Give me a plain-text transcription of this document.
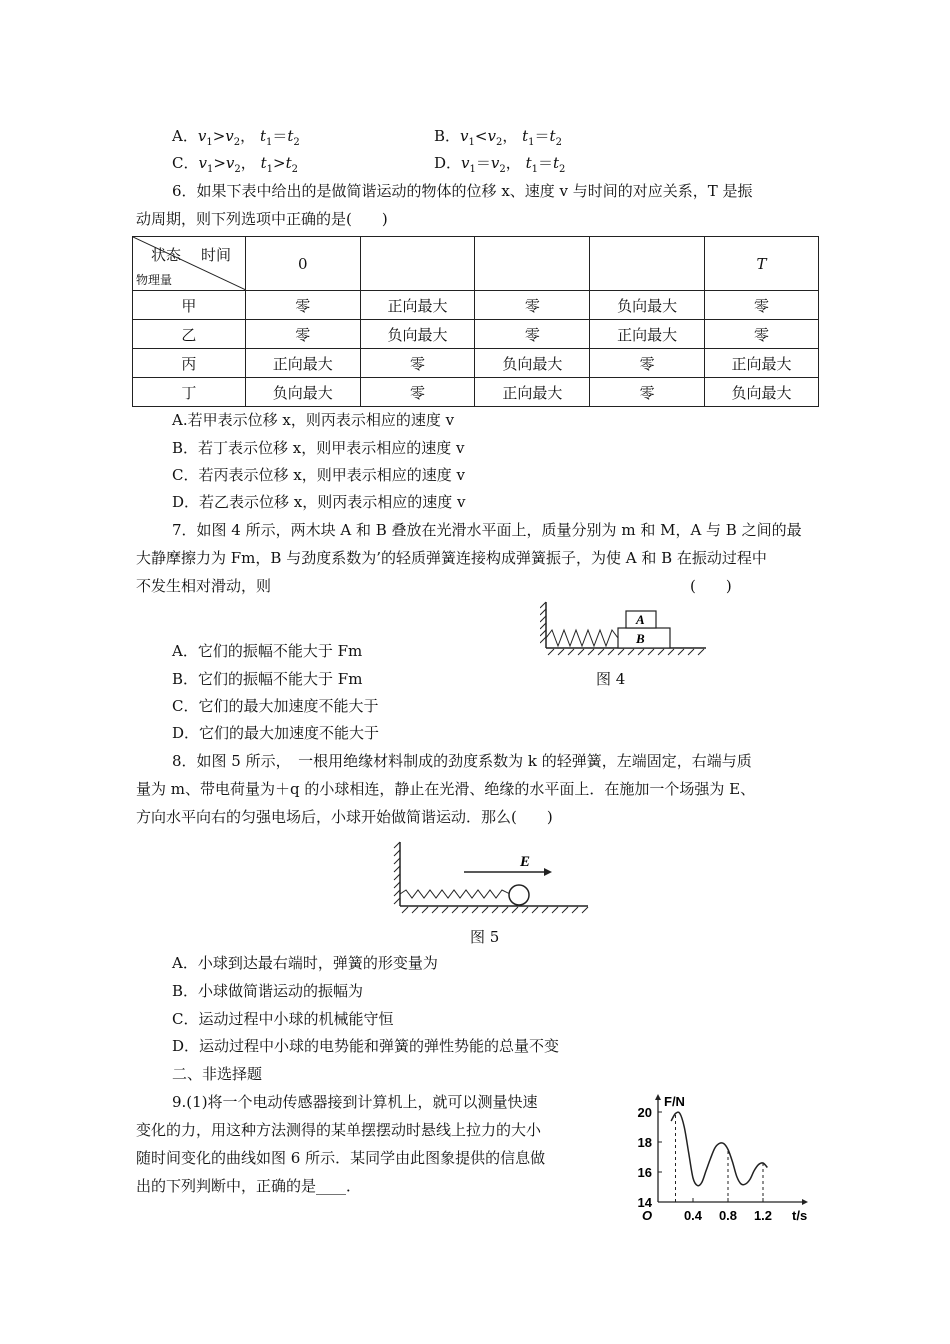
A．$v_1>v_2$， $t_1=t_2$	B．$v_1<v_2$， $t_1=t_2$
C．$v_1>v_2$， $t_1>t_2$	D．$v_1=v_2$， $t_1=t_2$
6．如果下表中给出的是做简谐运动的物体的位移 x、速度 v 与时间的对应关系，T 是振
动周期，则下列选项中正确的是(　　)
状态 时间
物理量	0				T
甲	零	正向最大	零	负向最大	零
乙	零	负向最大	零	正向最大	零
丙	正向最大	零	负向最大	零	正向最大
丁	负向最大	零	正向最大	零	负向最大
A.若甲表示位移 x，则丙表示相应的速度 v
B．若丁表示位移 x，则甲表示相应的速度 v
C．若丙表示位移 x，则甲表示相应的速度 v
D．若乙表示位移 x，则丙表示相应的速度 v
7．如图 4 所示，两木块 A 和 B 叠放在光滑水平面上，质量分别为 m 和 M，A 与 B 之间的最
大静摩擦力为 Fm，B 与劲度系数为’的轻质弹簧连接构成弹簧振子，为使 A 和 B 在振动过程中
不发生相对滑动，则	(　　)
A
B
A．它们的振幅不能大于 Fm
B．它们的振幅不能大于 Fm	图 4
C．它们的最大加速度不能大于
D．它们的最大加速度不能大于
8．如图 5 所示，　一根用绝缘材料制成的劲度系数为 k 的轻弹簧，左端固定，右端与质
量为 m、带电荷量为＋q 的小球相连，静止在光滑、绝缘的水平面上．在施加一个场强为 E、
方向水平向右的匀强电场后，小球开始做简谐运动．那么(　　)
E
图 5
A．小球到达最右端时，弹簧的形变量为
B．小球做简谐运动的振幅为
C．运动过程中小球的机械能守恒
D．运动过程中小球的电势能和弹簧的弹性势能的总量不变
二、非选择题
9.(1)将一个电动传感器接到计算机上，就可以测量快速
变化的力，用这种方法测得的某单摆摆动时悬线上拉力的大小
随时间变化的曲线如图 6 所示．某同学由此图象提供的信息做
出的下列判断中，正确的是____．
F/N
t/s
O
14
16
18
20
0.4 0.8 1.2
